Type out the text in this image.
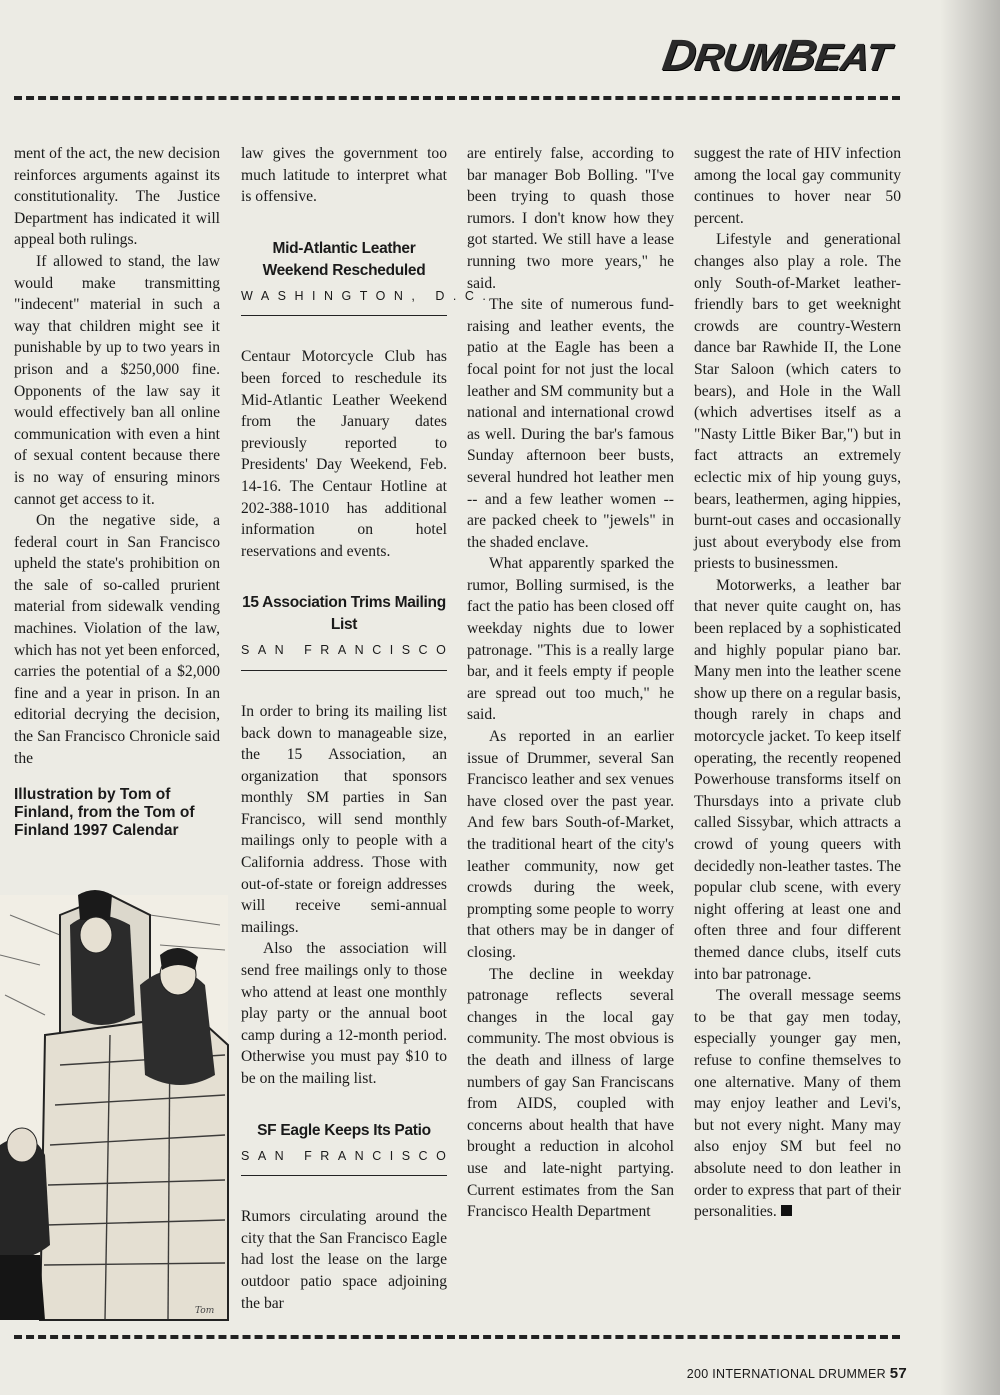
DRUMBEAT

ment of the act, the new decision reinforces arguments against its constitutionality. The Justice Department has indicated it will appeal both rulings.

If allowed to stand, the law would make transmitting "indecent" material in such a way that children might see it punishable by up to two years in prison and a $250,000 fine. Opponents of the law say it would effectively ban all online communication with even a hint of sexual content because there is no way of ensuring minors cannot get access to it.

On the negative side, a federal court in San Francisco upheld the state's prohibition on the sale of so-called prurient material from sidewalk vending machines. Violation of the law, which has not yet been enforced, carries the potential of a $2,000 fine and a year in prison. In an editorial decrying the decision, the San Francisco Chronicle said the

Illustration by Tom of Finland, from the Tom of Finland 1997 Calendar
Tom

law gives the government too much latitude to interpret what is offensive.

Mid-Atlantic Leather Weekend Rescheduled
WASHINGTON, D.C.

Centaur Motorcycle Club has been forced to reschedule its Mid-Atlantic Leather Weekend from the January dates previously reported to Presidents' Day Weekend, Feb. 14-16. The Centaur Hotline at 202-388-1010 has additional information on hotel reservations and events.

15 Association Trims Mailing List
SAN FRANCISCO

In order to bring its mailing list back down to manageable size, the 15 Association, an organization that sponsors monthly SM parties in San Francisco, will send monthly mailings only to people with a California address. Those with out-of-state or foreign addresses will receive semi-annual mailings.

Also the association will send free mailings only to those who attend at least one monthly play party or the annual boot camp during a 12-month period. Otherwise you must pay $10 to be on the mailing list.

SF Eagle Keeps Its Patio
SAN FRANCISCO

Rumors circulating around the city that the San Francisco Eagle had lost the lease on the large outdoor patio space adjoining the bar

are entirely false, according to bar manager Bob Bolling. "I've been trying to quash those rumors. I don't know how they got started. We still have a lease running two more years," he said.

The site of numerous fund-raising and leather events, the patio at the Eagle has been a focal point for not just the local leather and SM community but a national and international crowd as well. During the bar's famous Sunday afternoon beer busts, several hundred hot leather men -- and a few leather women -- are packed cheek to "jewels" in the shaded enclave.

What apparently sparked the rumor, Bolling surmised, is the fact the patio has been closed off weekday nights due to lower patronage. "This is a really large bar, and it feels empty if people are spread out too much," he said.

As reported in an earlier issue of Drummer, several San Francisco leather and sex venues have closed over the past year. And few bars South-of-Market, the traditional heart of the city's leather community, now get crowds during the week, prompting some people to worry that others may be in danger of closing.

The decline in weekday patronage reflects several changes in the local gay community. The most obvious is the death and illness of large numbers of gay San Franciscans from AIDS, coupled with concerns about health that have brought a reduction in alcohol use and late-night partying. Current estimates from the San Francisco Health Department

suggest the rate of HIV infection among the local gay community continues to hover near 50 percent.

Lifestyle and generational changes also play a role. The only South-of-Market leather-friendly bars to get weeknight crowds are country-Western dance bar Rawhide II, the Lone Star Saloon (which caters to bears), and Hole in the Wall (which advertises itself as a "Nasty Little Biker Bar,") but in fact attracts an extremely eclectic mix of hip young guys, bears, leathermen, aging hippies, burnt-out cases and occasionally just about everybody else from priests to businessmen.

Motorwerks, a leather bar that never quite caught on, has been replaced by a sophisticated and highly popular piano bar. Many men into the leather scene show up there on a regular basis, though rarely in chaps and motorcycle jacket. To keep itself operating, the recently reopened Powerhouse transforms itself on Thursdays into a private club called Sissybar, which attracts a crowd of young queers with decidedly non-leather tastes. The popular club scene, with every night offering at least one and often three and four different themed dance clubs, itself cuts into bar patronage.

The overall message seems to be that gay men today, especially younger gay men, refuse to confine themselves to one alternative. Many of them may enjoy leather and Levi's, but not every night. Many may also enjoy SM but feel no absolute need to don leather in order to express that part of their personalities.

200 INTERNATIONAL DRUMMER 57
